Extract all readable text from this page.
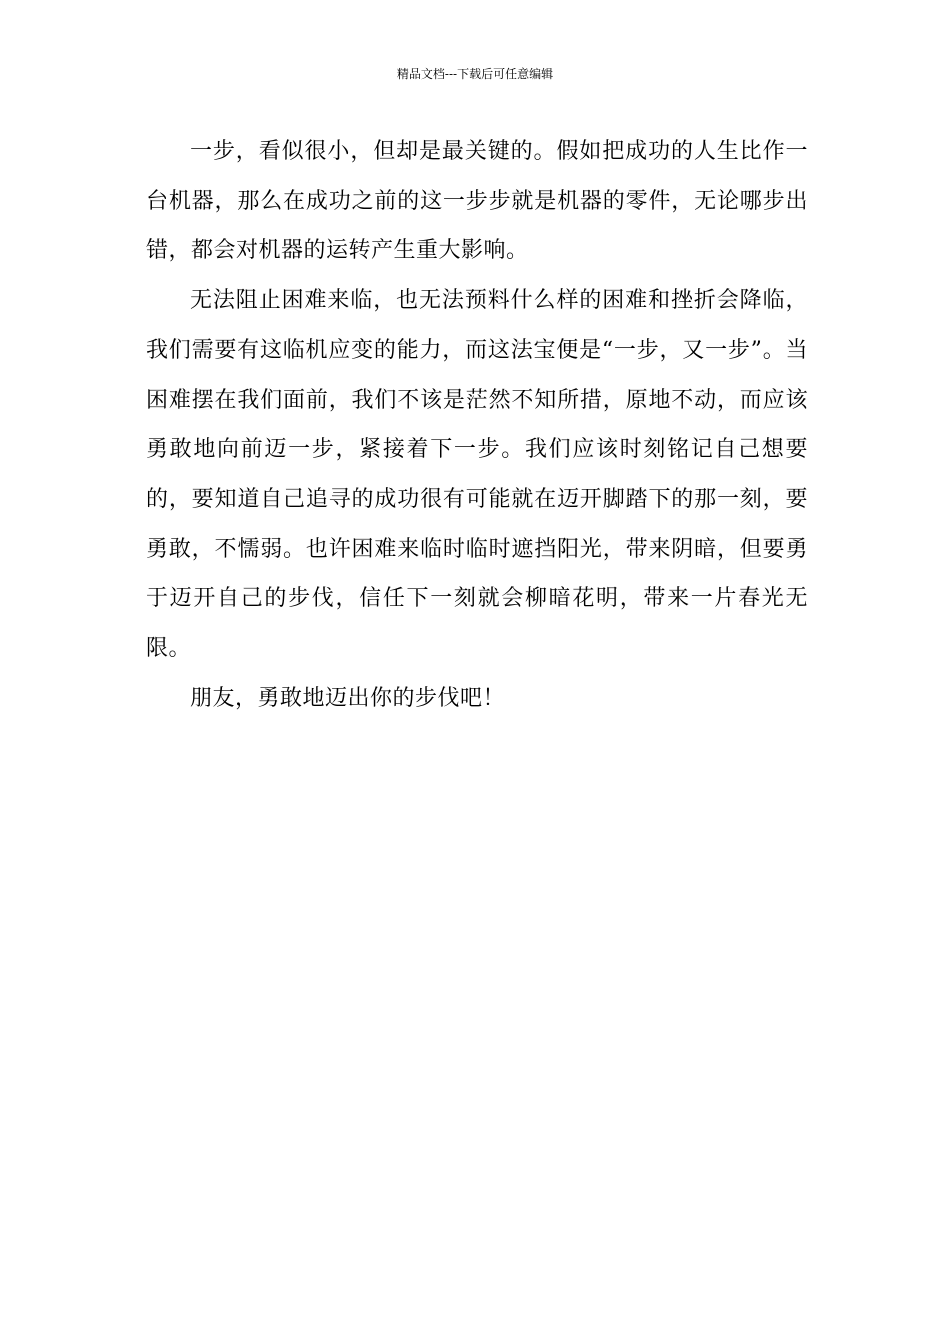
精品文档---下载后可任意编辑

一步，看似很小，但却是最关键的。假如把成功的人生比作一台机器，那么在成功之前的这一步步就是机器的零件，无论哪步出错，都会对机器的运转产生重大影响。

无法阻止困难来临，也无法预料什么样的困难和挫折会降临，我们需要有这临机应变的能力，而这法宝便是“一步，又一步”。当困难摆在我们面前，我们不该是茫然不知所措，原地不动，而应该勇敢地向前迈一步，紧接着下一步。我们应该时刻铭记自己想要的，要知道自己追寻的成功很有可能就在迈开脚踏下的那一刻，要勇敢，不懦弱。也许困难来临时临时遮挡阳光，带来阴暗，但要勇于迈开自己的步伐，信任下一刻就会柳暗花明，带来一片春光无限。

朋友，勇敢地迈出你的步伐吧！
